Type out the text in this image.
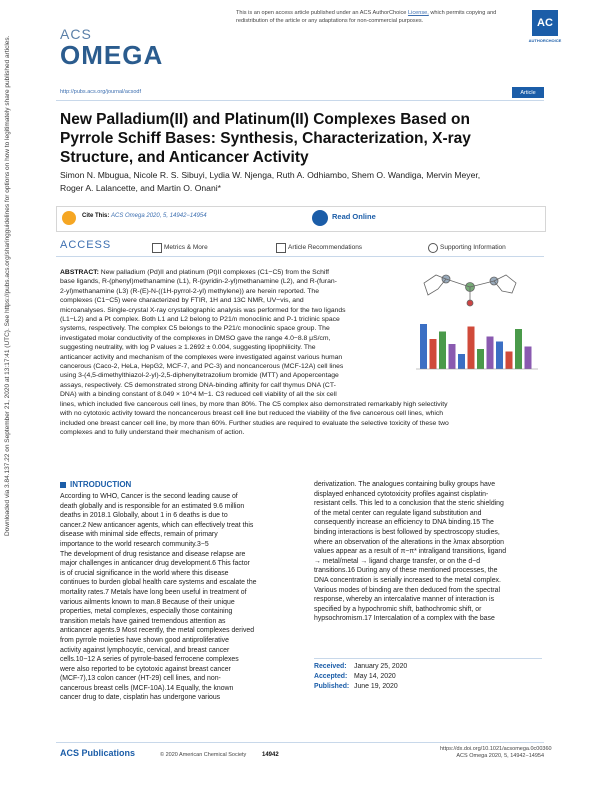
Downloaded via 3.84.137.22 on September 21, 2020 at 13:17:41 (UTC). See https://pubs.acs.org/sharingguidelines for options on how to legitimately share published articles.
This is an open access article published under an ACS AuthorChoice License, which permits copying and redistribution of the article or any adaptations for non-commercial purposes.	AC
AUTHORCHOICE
ACS
OMEGA
http://pubs.acs.org/journal/acsodf	Article
New Palladium(II) and Platinum(II) Complexes Based on Pyrrole Schiff Bases: Synthesis, Characterization, X-ray Structure, and Anticancer Activity
Simon N. Mbugua, Nicole R. S. Sibuyi, Lydia W. Njenga, Ruth A. Odhiambo, Shem O. Wandiga, Mervin Meyer, Roger A. Lalancette, and Martin O. Onani*
Cite This: ACS Omega 2020, 5, 14942−14954	Read Online
ACCESS	Metrics & More	Article Recommendations	Supporting Information
ABSTRACT: New palladium (Pd)II and platinum (Pt)II complexes (C1−C5) from the Schiff
base ligands, R-(phenyl)methanamine (L1), R-(pyridin-2-yl)methanamine (L2), and R-(furan-
2-yl)methanamine (L3) (R-(E)-N-((1H-pyrrol-2-yl) methylene)) are herein reported. The
complexes (C1−C5) were characterized by FTIR, 1H and 13C NMR, UV−vis, and
microanalyses. Single-crystal X-ray crystallographic analysis was performed for the two ligands
(L1−L2) and a Pt complex. Both L1 and L2 belong to P21/n monoclinic and P-1 triclinic space
systems, respectively. The complex C5 belongs to the P21/c monoclinic space group. The
investigated molar conductivity of the complexes in DMSO gave the range 4.0−8.8 μS/cm,
suggesting neutrality, with log P values ≥ 1.2692 ± 0.004, suggesting lipophilicity. The
anticancer activity and mechanism of the complexes were investigated against various human
cancerous (Caco-2, HeLa, HepG2, MCF-7, and PC-3) and noncancerous (MCF-12A) cell lines
using 3-(4,5-dimethylthiazol-2-yl)-2,5-diphenyltetrazolium bromide (MTT) and Apopercentage
assays, respectively. C5 demonstrated strong DNA-binding affinity for calf thymus DNA (CT-
DNA) with a binding constant of 8.049 × 10^4 M−1. C3 reduced cell viability of all the six cell
lines, which included five cancerous cell lines, by more than 80%. The C5 complex also demonstrated remarkably high selectivity
with no cytotoxic activity toward the noncancerous breast cell line but reduced the viability of the five cancerous cell lines, which
included one breast cancer cell line, by more than 60%. Further studies are required to evaluate the selective toxicity of these two
complexes and to fully understand their mechanism of action.
INTRODUCTION
According to WHO, Cancer is the second leading cause of
death globally and is responsible for an estimated 9.6 million
deaths in 2018.1 Globally, about 1 in 6 deaths is due to
cancer.2 New anticancer agents, which can effectively treat this
disease with minimal side effects, remain of primary
importance to the world research community.3−5
The development of drug resistance and disease relapse are
major challenges in anticancer drug development.6 This factor
is of crucial significance in the world where this disease
continues to burden global health care systems and escalate the
mortality rates.7 Metals have long been useful in treatment of
various ailments known to man.8 Because of their unique
properties, metal complexes, especially those containing
transition metals have gained tremendous attention as
anticancer agents.9 Most recently, the metal complexes derived
from pyrrole moieties have shown good antiproliferative
activity against lymphocytic, cervical, and breast cancer
cells.10−12 A series of pyrrole-based ferrocene complexes
were also reported to be cytotoxic against breast cancer
(MCF-7),13 colon cancer (HT-29) cell lines, and non-
cancerous breast cells (MCF-10A).14 Equally, the known
cancer drug to date, cisplatin has undergone various
derivatization. The analogues containing bulky groups have
displayed enhanced cytotoxicity profiles against cisplatin-
resistant cells. This led to a conclusion that the steric shielding
of the metal center can regulate ligand substitution and
consequently increase an efficiency to DNA binding.15 The
binding interactions is best followed by spectroscopy studies,
where an observation of the alterations in the λmax absorption
values appear as a result of π−π* intraligand transitions, ligand
→ metal/metal → ligand charge transfer, or on the d−d
transitions.16 During any of these mentioned processes, the
DNA concentration is serially increased to the metal complex.
Various modes of binding are then deduced from the spectral
response, whereby an intercalative manner of interaction is
specified by a hypochromic shift, bathochromic shift, or
hypsochromism.17 Intercalation of a complex with the base
Received: January 25, 2020
Accepted: May 14, 2020
Published: June 19, 2020
ACS Publications	© 2020 American Chemical Society	14942
https://dx.doi.org/10.1021/acsomega.0c00360
ACS Omega 2020, 5, 14942−14954
